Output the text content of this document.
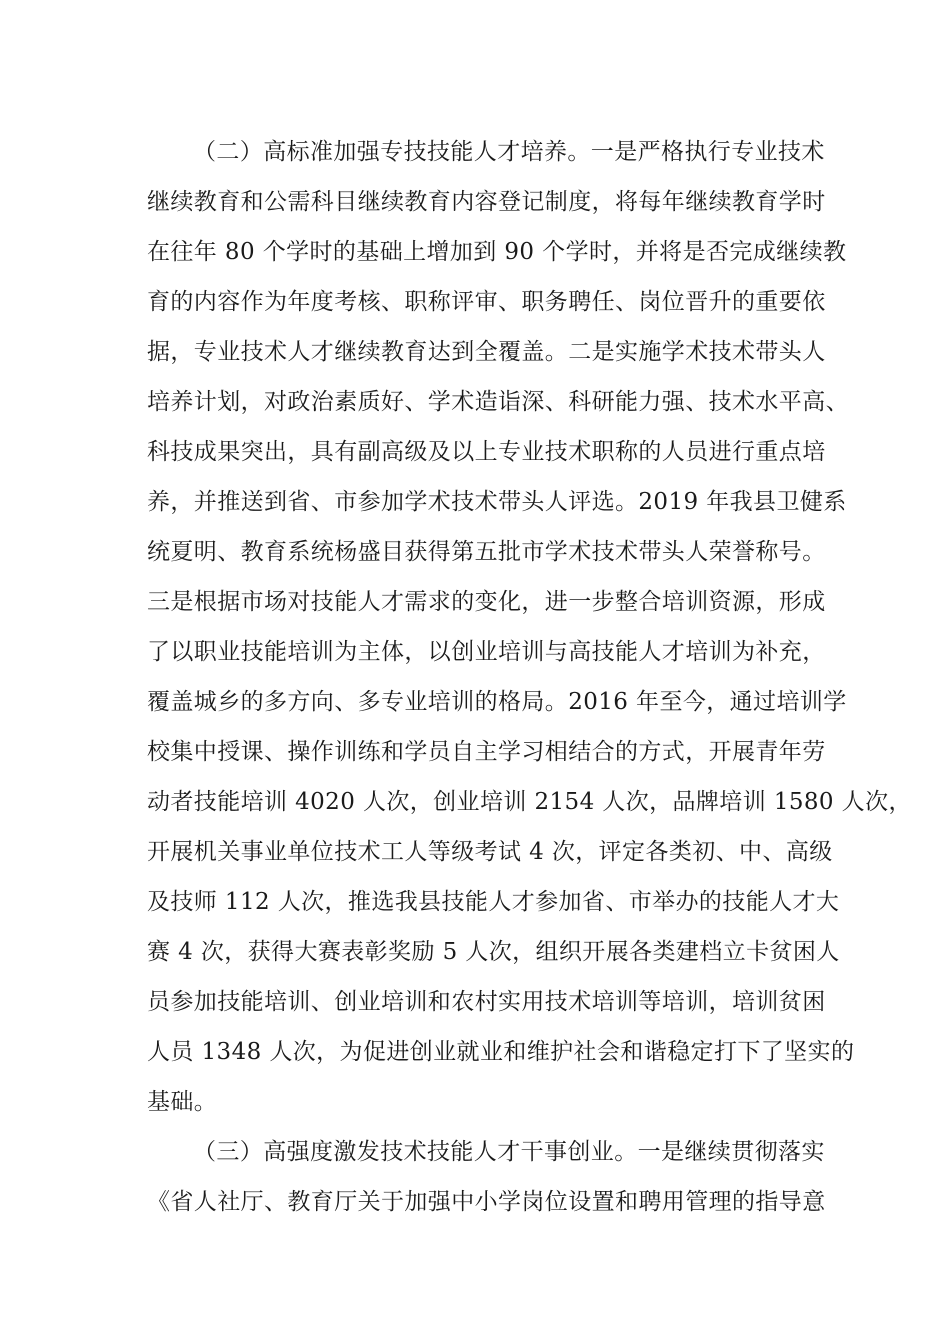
（二）高标准加强专技技能人才培养。一是严格执行专业技术
继续教育和公需科目继续教育内容登记制度，将每年继续教育学时
在往年 80 个学时的基础上增加到 90 个学时，并将是否完成继续教
育的内容作为年度考核、职称评审、职务聘任、岗位晋升的重要依
据，专业技术人才继续教育达到全覆盖。二是实施学术技术带头人
培养计划，对政治素质好、学术造诣深、科研能力强、技术水平高、
科技成果突出，具有副高级及以上专业技术职称的人员进行重点培
养，并推送到省、市参加学术技术带头人评选。2019 年我县卫健系
统夏明、教育系统杨盛目获得第五批市学术技术带头人荣誉称号。
三是根据市场对技能人才需求的变化，进一步整合培训资源，形成
了以职业技能培训为主体，以创业培训与高技能人才培训为补充，
覆盖城乡的多方向、多专业培训的格局。2016 年至今，通过培训学
校集中授课、操作训练和学员自主学习相结合的方式，开展青年劳
动者技能培训 4020 人次，创业培训 2154 人次，品牌培训 1580 人次，
开展机关事业单位技术工人等级考试 4 次，评定各类初、中、高级
及技师 112 人次，推选我县技能人才参加省、市举办的技能人才大
赛 4 次，获得大赛表彰奖励 5 人次，组织开展各类建档立卡贫困人
员参加技能培训、创业培训和农村实用技术培训等培训，培训贫困
人员 1348 人次，为促进创业就业和维护社会和谐稳定打下了坚实的
基础。
（三）高强度激发技术技能人才干事创业。一是继续贯彻落实
《省人社厅、教育厅关于加强中小学岗位设置和聘用管理的指导意
